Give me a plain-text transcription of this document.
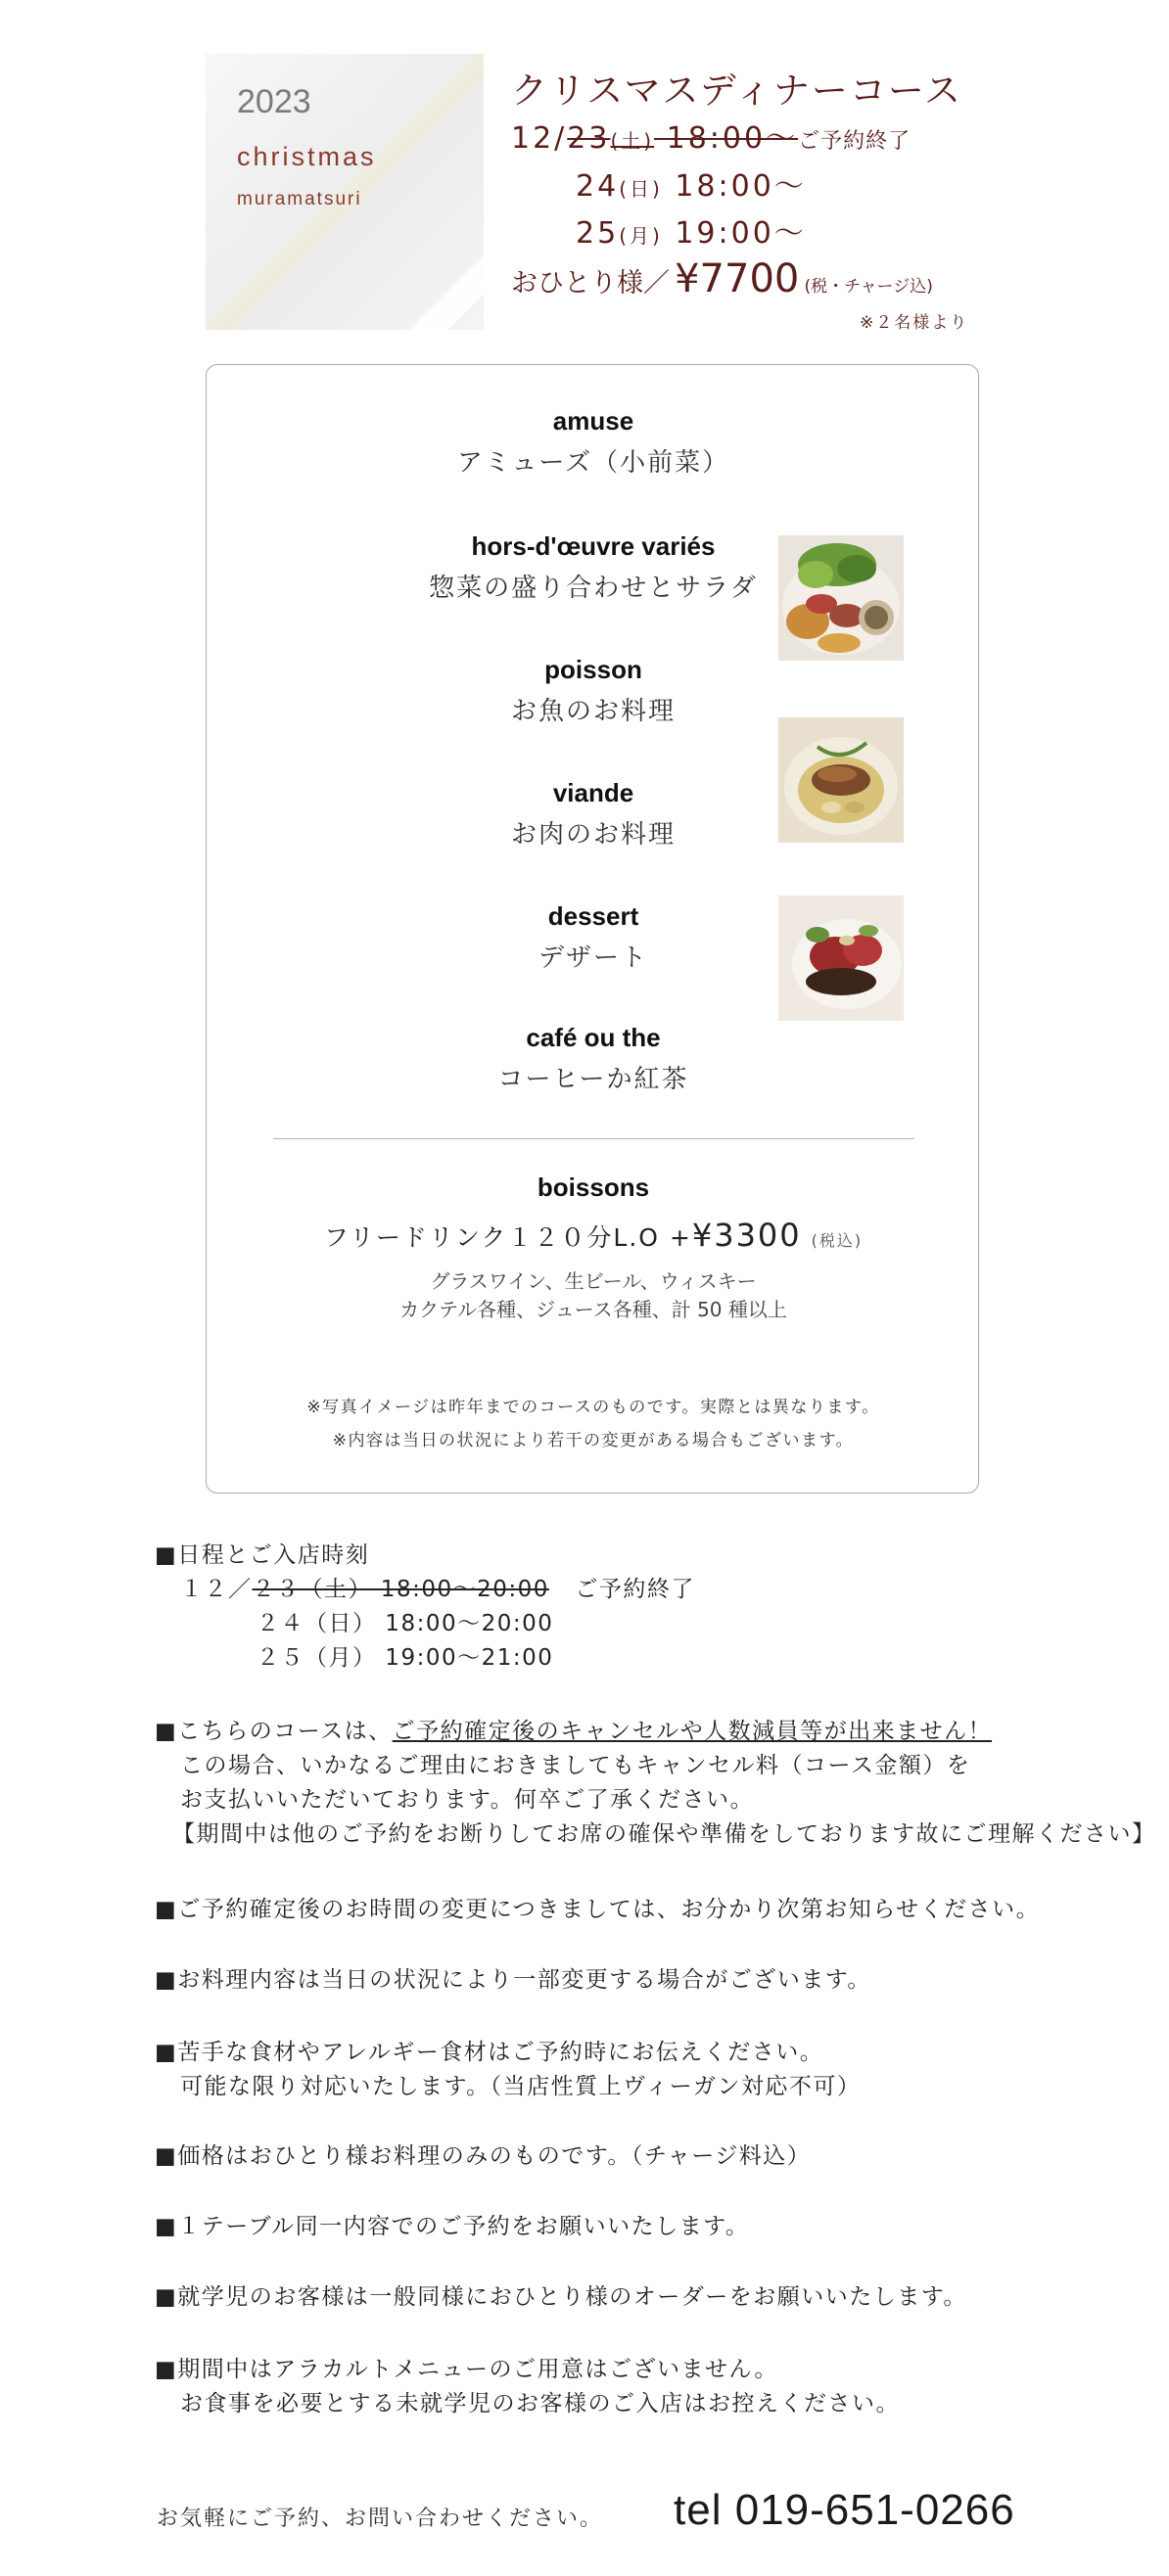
2023
christmas
muramatsuri
クリスマスディナーコース
12/23(土) 18:00〜ご予約終了
24(日) 18:00〜
25(月) 19:00〜
おひとり様／ ¥7700 (税・チャージ込)
※２名様より
amuse
アミューズ（小前菜）
hors-d'œuvre variés
惣菜の盛り合わせとサラダ
poisson
お魚のお料理
viande
お肉のお料理
dessert
デザート
café ou the
コーヒーか紅茶
boissons
フリードリンク１２０分L.O +¥3300 (税込)
グラスワイン、生ビール、ウィスキー
カクテル各種、ジュース各種、計 50 種以上
※写真イメージは昨年までのコースのものです。実際とは異なります。
※内容は当日の状況により若干の変更がある場合もございます。
■日程とご入店時刻
１２／２３（土） 18:00〜20:00 ご予約終了
２４（日） 18:00〜20:00
２５（月） 19:00〜21:00
■こちらのコースは、ご予約確定後のキャンセルや人数減員等が出来ません！
この場合、いかなるご理由におきましてもキャンセル料（コース金額）を
お支払いいただいております。何卒ご了承ください。
【期間中は他のご予約をお断りしてお席の確保や準備をしております故にご理解ください】
■ご予約確定後のお時間の変更につきましては、お分かり次第お知らせください。
■お料理内容は当日の状況により一部変更する場合がございます。
■苦手な食材やアレルギー食材はご予約時にお伝えください。
可能な限り対応いたします。（当店性質上ヴィーガン対応不可）
■価格はおひとり様お料理のみのものです。（チャージ料込）
■１テーブル同一内容でのご予約をお願いいたします。
■就学児のお客様は一般同様におひとり様のオーダーをお願いいたします。
■期間中はアラカルトメニューのご用意はございません。
お食事を必要とする未就学児のお客様のご入店はお控えください。
お気軽にご予約、お問い合わせください。 tel 019-651-0266
